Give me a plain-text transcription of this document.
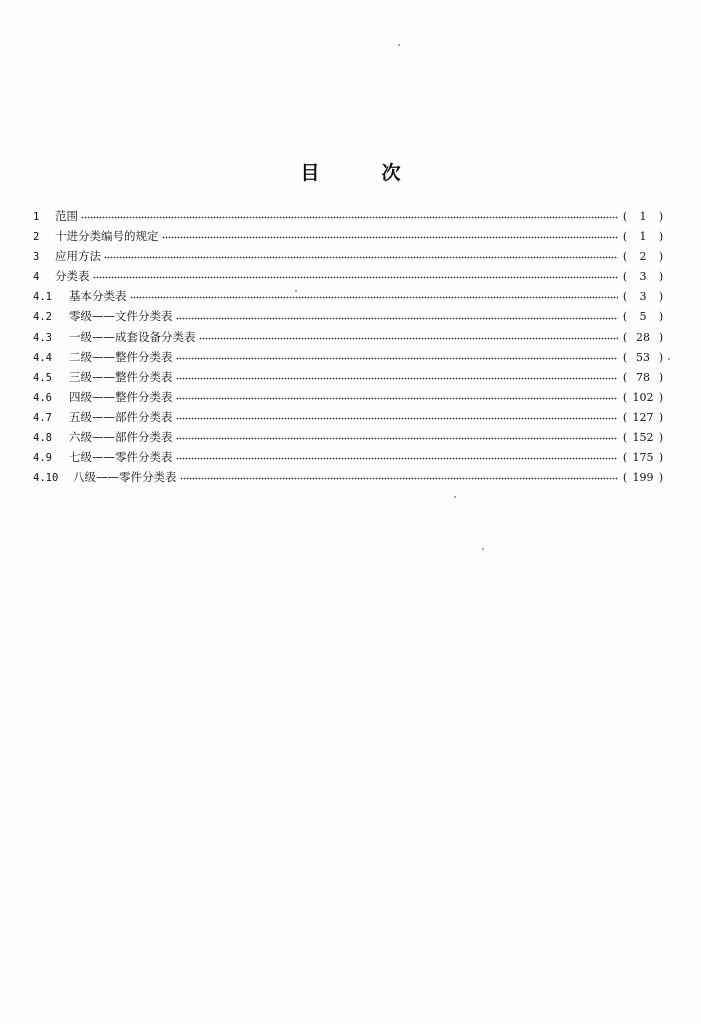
目	次
1	范围	(	1	)
2	十进分类编号的规定	(	1	)
3	应用方法	(	2	)
4	分类表	(	3	)
4.1	基本分类表	(	3	)
4.2	零级——文件分类表	(	5	)
4.3	一级——成套设备分类表	( 28 )
4.4	二级——整件分类表	( 53 )
4.5	三级——整件分类表	( 78 )
4.6	四级——整件分类表	( 102 )
4.7	五级——部件分类表	( 127 )
4.8	六级——部件分类表	( 152 )
4.9	七级——零件分类表	( 175 )
4.10	八级——零件分类表	( 199 )
